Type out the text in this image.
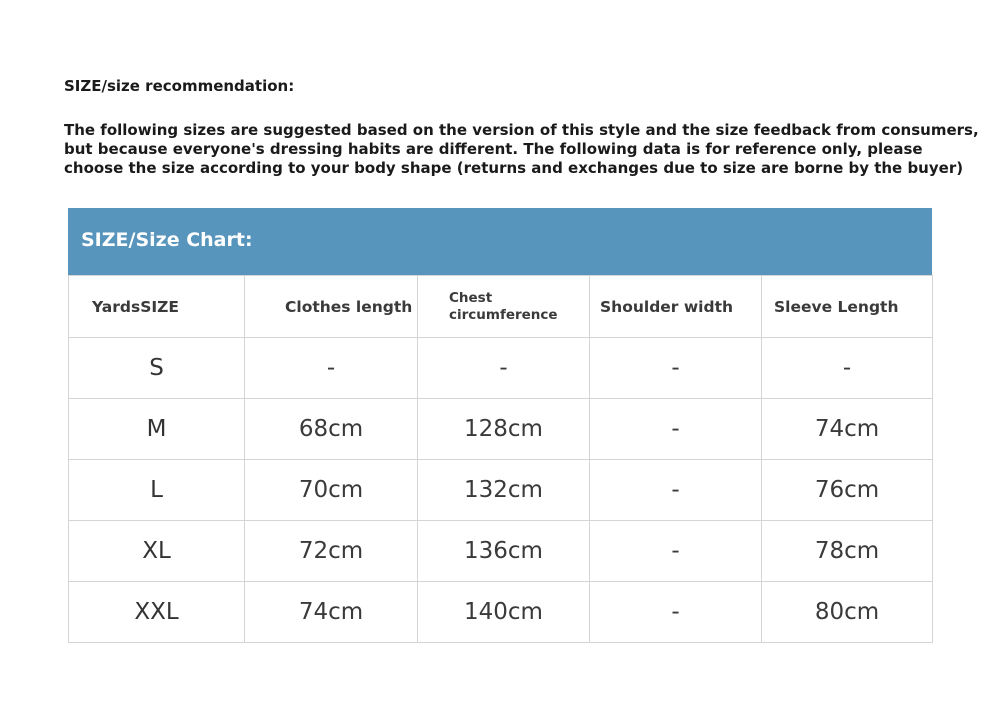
SIZE/size recommendation:
The following sizes are suggested based on the version of this style and the size feedback from consumers,
but because everyone's dressing habits are different. The following data is for reference only, please
choose the size according to your body shape (returns and exchanges due to size are borne by the buyer)
SIZE/Size Chart:
YardsSIZE	Clothes length	Chest circumference	Shoulder width	Sleeve Length

S	-	-	-	-
M	68cm	128cm	-	74cm
L	70cm	132cm	-	76cm
XL	72cm	136cm	-	78cm
XXL	74cm	140cm	-	80cm
